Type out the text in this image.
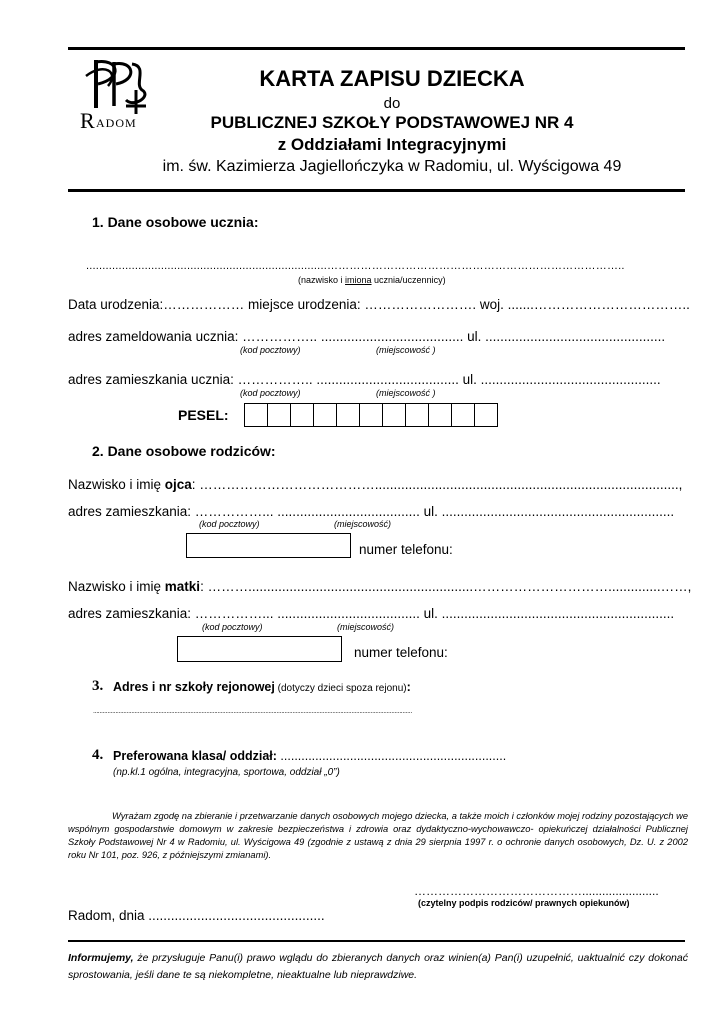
R ADOM
KARTA ZAPISU DZIECKA
do
PUBLICZNEJ SZKOŁY PODSTAWOWEJ NR 4
z Oddziałami Integracyjnymi
im. św. Kazimierza Jagiellończyka w Radomiu, ul. Wyścigowa 49
1. Dane osobowe ucznia:
..........................................................................……………………………………………………………………..
(nazwisko i imiona ucznia/uczennicy)
Data urodzenia:……………… miejsce urodzenia: ……………………. woj. .......……………………………..
adres zameldowania ucznia: …………….. ...................................... ul. ................................................
(kod pocztowy)	(miejscowość )
adres zamieszkania ucznia: …………….. ...................................... ul. ................................................
(kod pocztowy)	(miejscowość )
PESEL:
2. Dane osobowe rodziców:
Nazwisko i imię ojca: ………………………………….................................................................................,
adres zamieszkania: ……………... ...................................... ul. ..............................................................
(kod pocztowy)	(miejscowość)
numer telefonu:
Nazwisko i imię matki: ………............................................................…………………………..............……,
adres zamieszkania: ……………... ...................................... ul. ..............................................................
(kod pocztowy)	(miejscowość)
numer telefonu:
3. Adres i nr szkoły rejonowej (dotyczy dzieci spoza rejonu):
........................................................................................................................................................................................................
4. Preferowana klasa/ oddział: .................................................................
(np.kl.1 ogólna, integracyjna, sportowa, oddział „0”)
Wyrażam zgodę na zbieranie i przetwarzanie danych osobowych mojego dziecka, a także moich i członków mojej rodziny pozostających we wspólnym gospodarstwie domowym w zakresie bezpieczeństwa i zdrowia oraz dydaktyczno-wychowawczo- opiekuńczej działalności Publicznej Szkoły Podstawowej Nr 4 w Radomiu, ul. Wyścigowa 49 (zgodnie z ustawą z dnia 29 sierpnia 1997 r. o ochronie danych osobowych, Dz. U. z 2002 roku Nr 101, poz. 926, z późniejszymi zmianami).
…………………………………….......................
(czytelny podpis rodziców/ prawnych opiekunów)
Radom, dnia ...............................................
Informujemy, że przysługuje Panu(i) prawo wglądu do zbieranych danych oraz winien(a) Pan(i) uzupełnić, uaktualnić czy dokonać sprostowania, jeśli dane te są niekompletne, nieaktualne lub nieprawdziwe.
